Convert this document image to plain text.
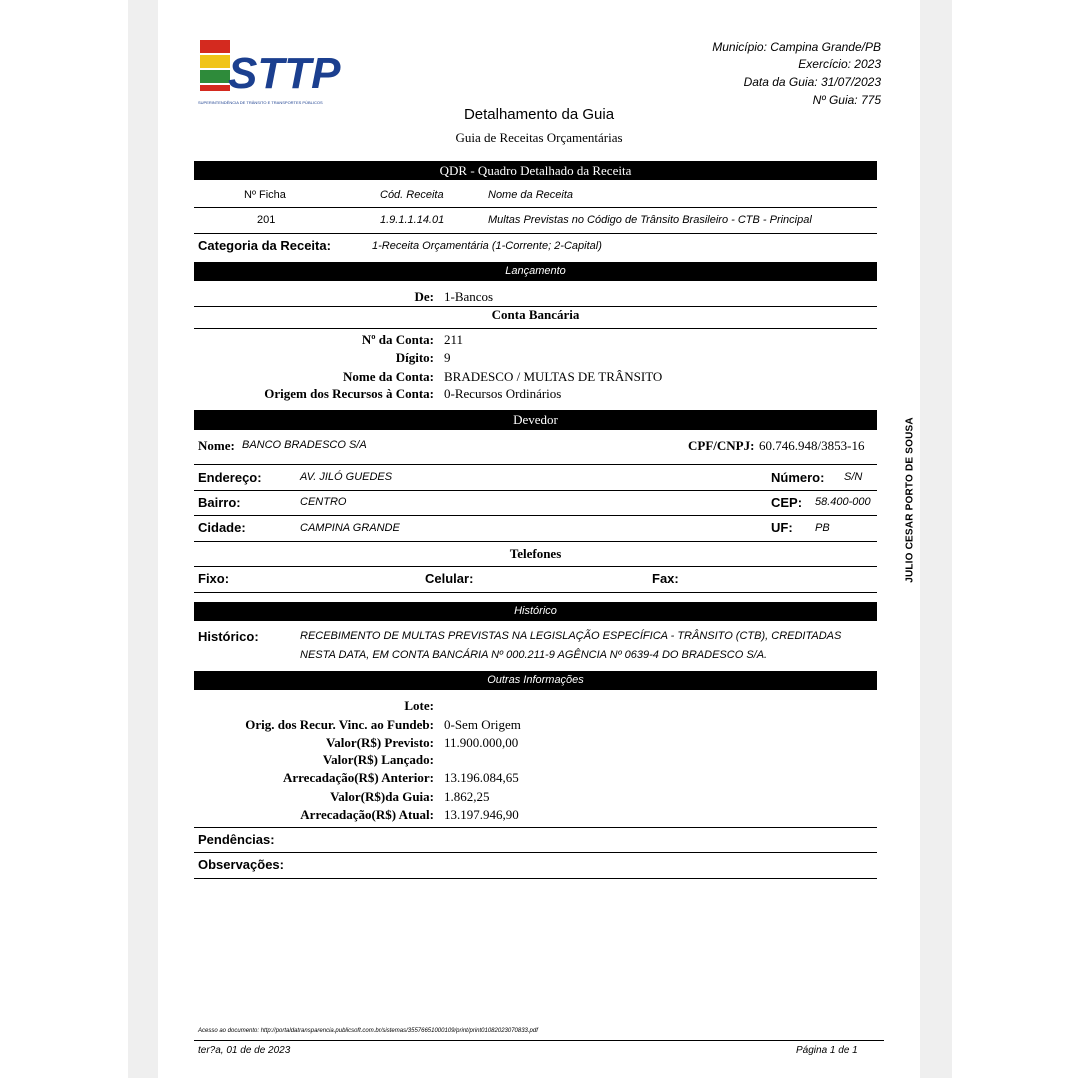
STTP
SUPERINTENDÊNCIA DE TRÂNSITO E TRANSPORTES PÚBLICOS
Município: Campina Grande/PB
Exercício: 2023
Data da Guia: 31/07/2023
Nº Guia: 775
Detalhamento da Guia
Guia de Receitas Orçamentárias
QDR - Quadro Detalhado da Receita
Nº Ficha	Cód. Receita	Nome da Receita
201	1.9.1.1.14.01	Multas Previstas no Código de Trânsito Brasileiro - CTB - Principal
Categoria da Receita:	1-Receita Orçamentária (1-Corrente; 2-Capital)
Lançamento
De: 1-Bancos
Conta Bancária
Nº da Conta: 211
Dígito: 9
Nome da Conta: BRADESCO / MULTAS DE TRÂNSITO
Origem dos Recursos à Conta: 0-Recursos Ordinários
Devedor
Nome: BANCO BRADESCO S/A	CPF/CNPJ: 60.746.948/3853-16
Endereço:	AV. JILÓ GUEDES	Número: S/N
Bairro:	CENTRO	CEP: 58.400-000
Cidade:	CAMPINA GRANDE	UF: PB
Telefones
Fixo:	Celular:	Fax:
Histórico
Histórico:	RECEBIMENTO DE MULTAS PREVISTAS NA LEGISLAÇÃO ESPECÍFICA - TRÂNSITO (CTB), CREDITADAS
NESTA DATA, EM CONTA BANCÁRIA Nº 000.211-9 AGÊNCIA Nº 0639-4 DO BRADESCO S/A.
Outras Informações
Lote:
Orig. dos Recur. Vinc. ao Fundeb: 0-Sem Origem
Valor(R$) Previsto: 11.900.000,00
Valor(R$) Lançado:
Arrecadação(R$) Anterior: 13.196.084,65
Valor(R$)da Guia: 1.862,25
Arrecadação(R$) Atual: 13.197.946,90
Pendências:
Observações:
Acesso ao documento: http://portaldatransparencia.publicsoft.com.br/sistemas/35576651000109/print/print01082023070833.pdf
ter?a, 01 de de 2023	Página 1 de 1
JULIO CESAR PORTO DE SOUSA
